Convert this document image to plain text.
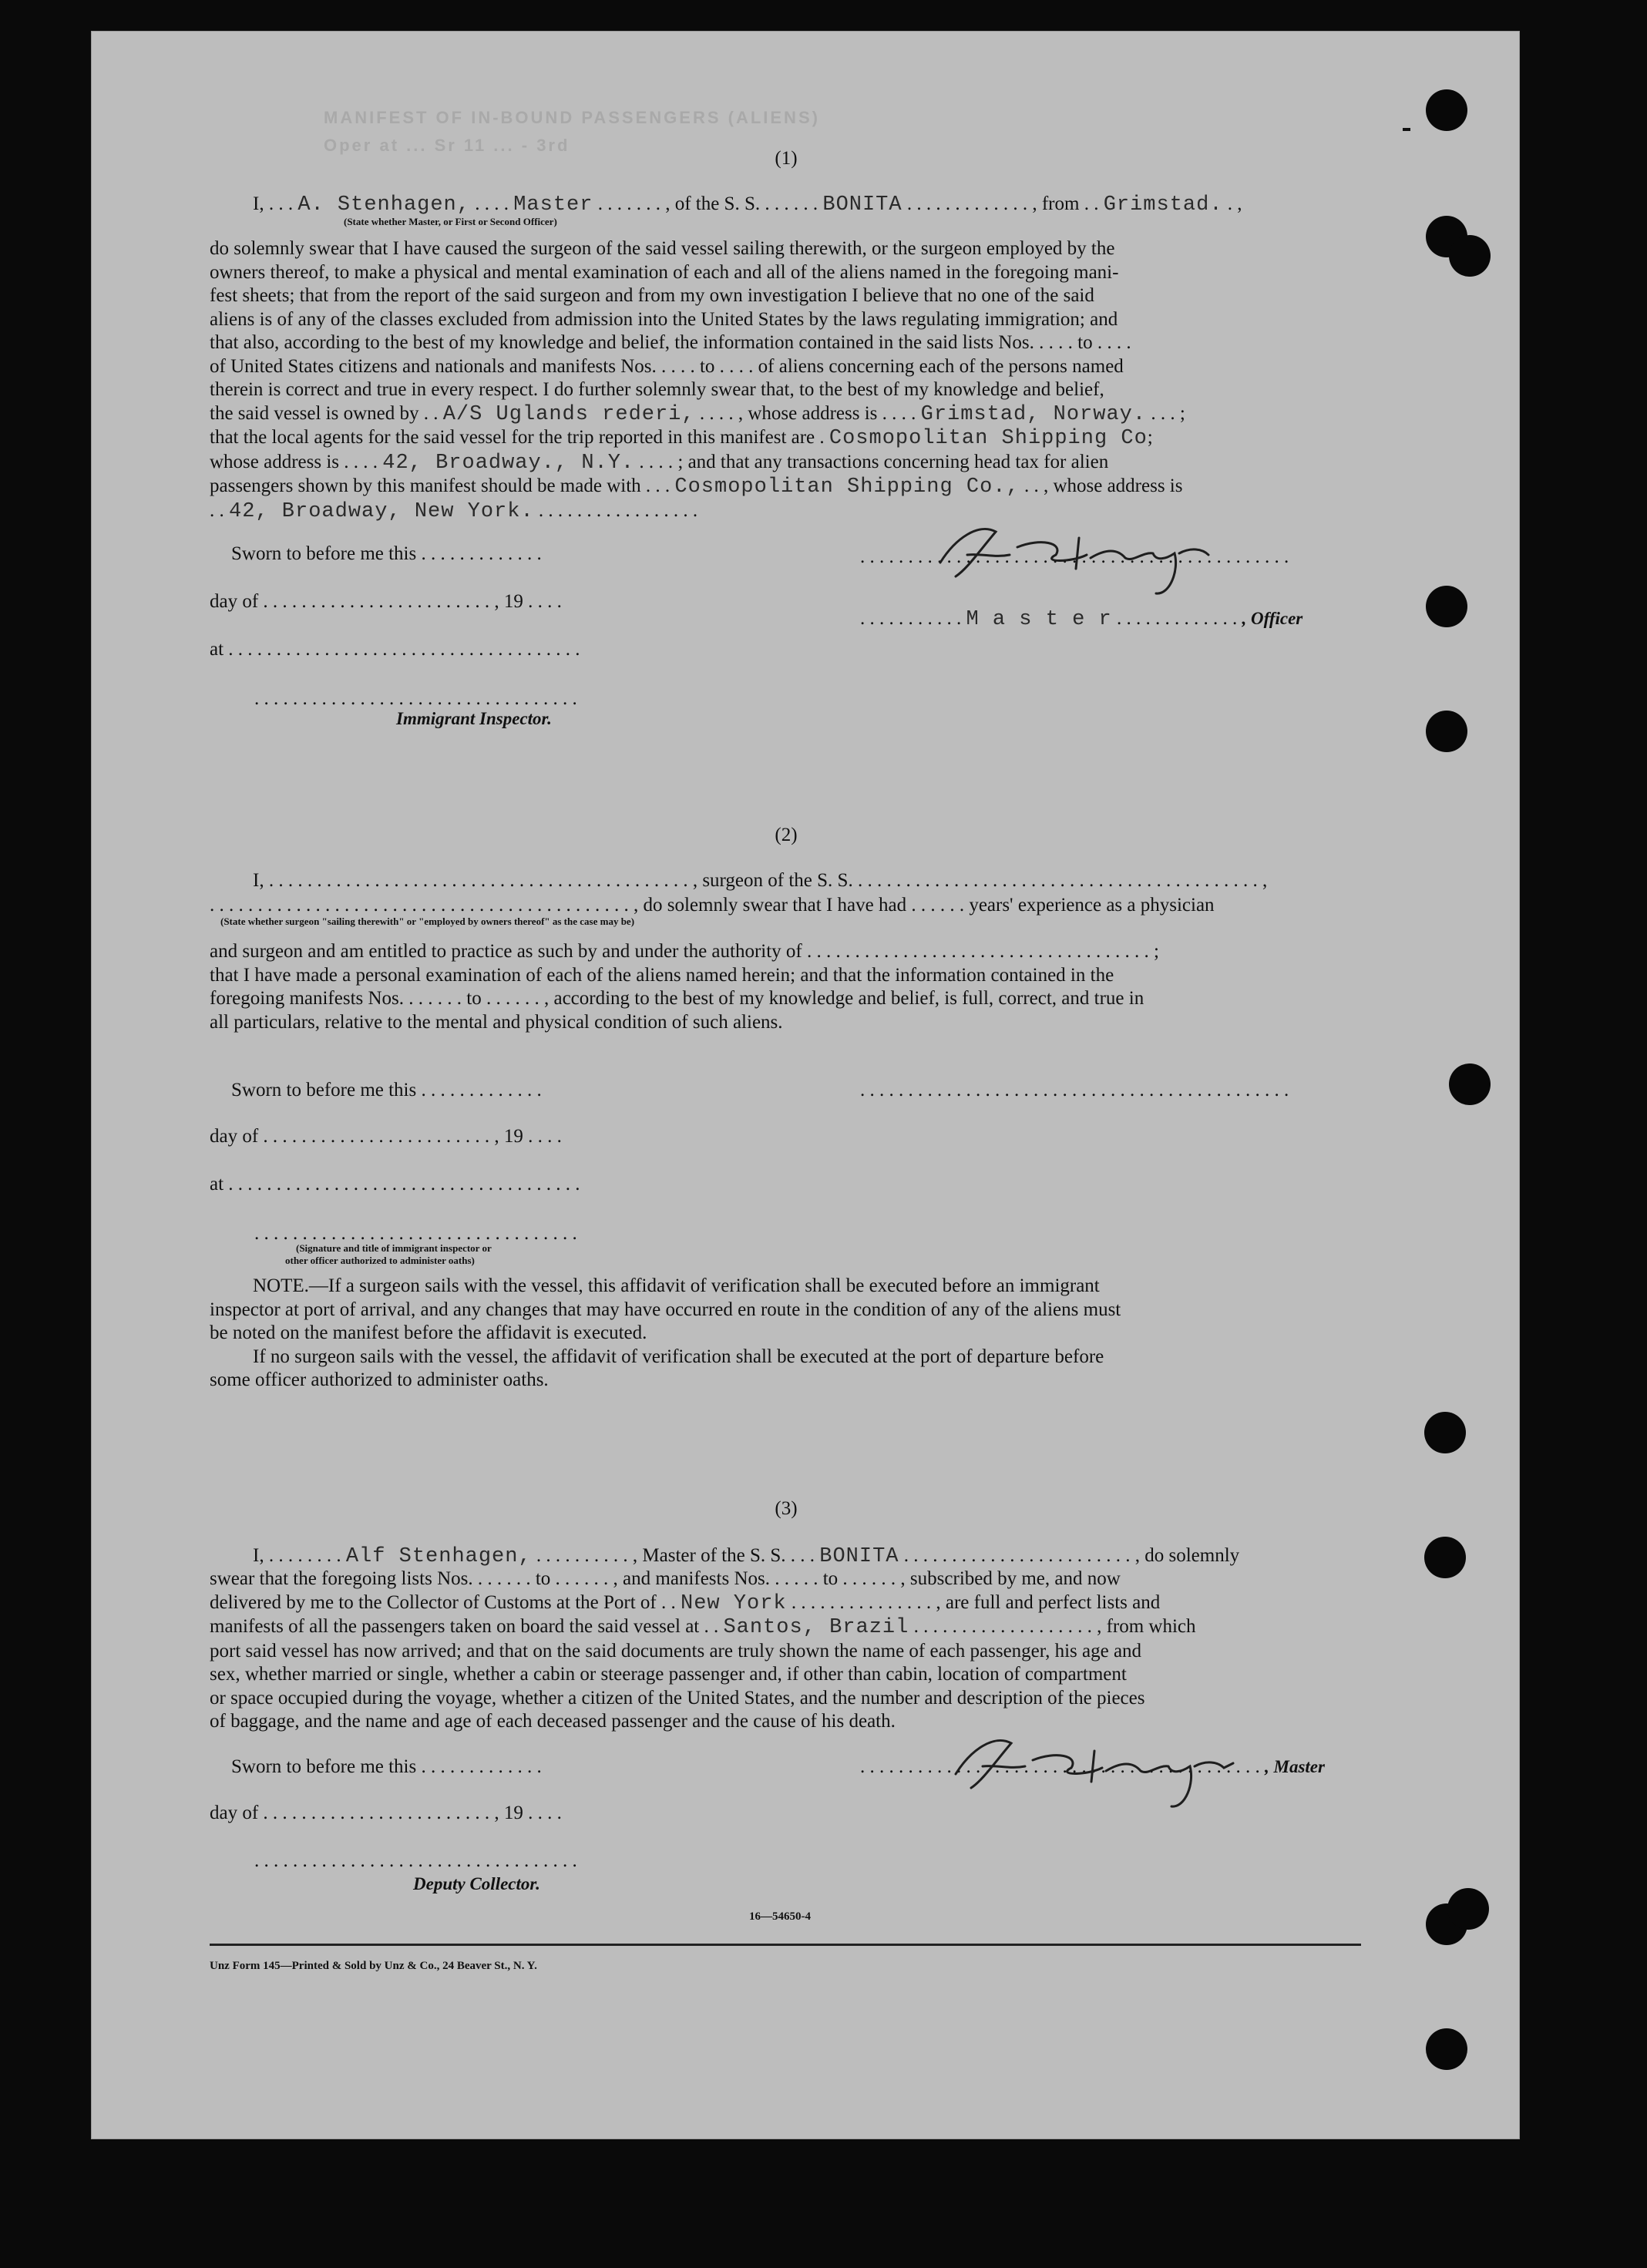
MANIFEST OF IN-BOUND PASSENGERS (ALIENS)
Oper at ... Sr 11 ... - 3rd
(1)
I, . . . A. Stenhagen, . . . . Master . . . . . . . , of the S. S. . . . . . . BONITA . . . . . . . . . . . . . , from . . Grimstad. . ,
(State whether Master, or First or Second Officer)
do solemnly swear that I have caused the surgeon of the said vessel sailing therewith, or the surgeon employed by the
owners thereof, to make a physical and mental examination of each and all of the aliens named in the foregoing mani-
fest sheets; that from the report of the said surgeon and from my own investigation I believe that no one of the said
aliens is of any of the classes excluded from admission into the United States by the laws regulating immigration; and
that also, according to the best of my knowledge and belief, the information contained in the said lists Nos. . . . . to . . . .
of United States citizens and nationals and manifests Nos. . . . . to . . . . of aliens concerning each of the persons named
therein is correct and true in every respect. I do further solemnly swear that, to the best of my knowledge and belief,
the said vessel is owned by . . A/S Uglands rederi, . . . . , whose address is . . . . Grimstad, Norway. . . . ;
that the local agents for the said vessel for the trip reported in this manifest are . Cosmopolitan Shipping Co;
whose address is . . . . 42, Broadway., N.Y. . . . . ; and that any transactions concerning head tax for alien
passengers shown by this manifest should be made with . . . Cosmopolitan Shipping Co., . . , whose address is
. . 42, Broadway, New York. . . . . . . . . . . . . . . . . .
Sworn to before me this . . . . . . . . . . . . .
day of . . . . . . . . . . . . . . . . . . . . . . . . , 19 . . . .
at . . . . . . . . . . . . . . . . . . . . . . . . . . . . . . . . . . . . .
. . . . . . . . . . . . . . . . . . . . . . . . . . . . . . . . . .
Immigrant Inspector.
. . . . . . . . . . . . . . . . . . . . . . . . . . . . . . . . . . . . . . . . . . . . .
. . . . . . . . . . . M a s t e r . . . . . . . . . . . . . , Officer
(2)
I, . . . . . . . . . . . . . . . . . . . . . . . . . . . . . . . . . . . . . . . . . . . . , surgeon of the S. S. . . . . . . . . . . . . . . . . . . . . . . . . . . . . . . . . . . . . . . . . . . ,
. . . . . . . . . . . . . . . . . . . . . . . . . . . . . . . . . . . . . . . . . . . . , do solemnly swear that I have had . . . . . . years' experience as a physician
(State whether surgeon "sailing therewith" or "employed by owners thereof" as the case may be)
and surgeon and am entitled to practice as such by and under the authority of . . . . . . . . . . . . . . . . . . . . . . . . . . . . . . . . . . . . ;
that I have made a personal examination of each of the aliens named herein; and that the information contained in the
foregoing manifests Nos. . . . . . . to . . . . . . , according to the best of my knowledge and belief, is full, correct, and true in
all particulars, relative to the mental and physical condition of such aliens.
Sworn to before me this . . . . . . . . . . . . .	. . . . . . . . . . . . . . . . . . . . . . . . . . . . . . . . . . . . . . . . . . . . .
day of . . . . . . . . . . . . . . . . . . . . . . . . , 19 . . . .
at . . . . . . . . . . . . . . . . . . . . . . . . . . . . . . . . . . . . .
. . . . . . . . . . . . . . . . . . . . . . . . . . . . . . . . . .
(Signature and title of immigrant inspector or
other officer authorized to administer oaths)
NOTE.—If a surgeon sails with the vessel, this affidavit of verification shall be executed before an immigrant
inspector at port of arrival, and any changes that may have occurred en route in the condition of any of the aliens must
be noted on the manifest before the affidavit is executed.
If no surgeon sails with the vessel, the affidavit of verification shall be executed at the port of departure before
some officer authorized to administer oaths.
(3)
I, . . . . . . . . Alf Stenhagen, . . . . . . . . . . , Master of the S. S. . . . BONITA . . . . . . . . . . . . . . . . . . . . . . . . , do solemnly
swear that the foregoing lists Nos. . . . . . . to . . . . . . , and manifests Nos. . . . . . to . . . . . . , subscribed by me, and now
delivered by me to the Collector of Customs at the Port of . . New York . . . . . . . . . . . . . . . , are full and perfect lists and
manifests of all the passengers taken on board the said vessel at . . Santos, Brazil . . . . . . . . . . . . . . . . . . . , from which
port said vessel has now arrived; and that on the said documents are truly shown the name of each passenger, his age and
sex, whether married or single, whether a cabin or steerage passenger and, if other than cabin, location of compartment
or space occupied during the voyage, whether a citizen of the United States, and the number and description of the pieces
of baggage, and the name and age of each deceased passenger and the cause of his death.
Sworn to before me this . . . . . . . . . . . . .	. . . . . . . . . . . . . . . . . . . . . . . . . . . . . . . . . . . . . . . . . . , Master
day of . . . . . . . . . . . . . . . . . . . . . . . . , 19 . . . .
. . . . . . . . . . . . . . . . . . . . . . . . . . . . . . . . . .
Deputy Collector.
16—54650-4
Unz Form 145—Printed & Sold by Unz & Co., 24 Beaver St., N. Y.
